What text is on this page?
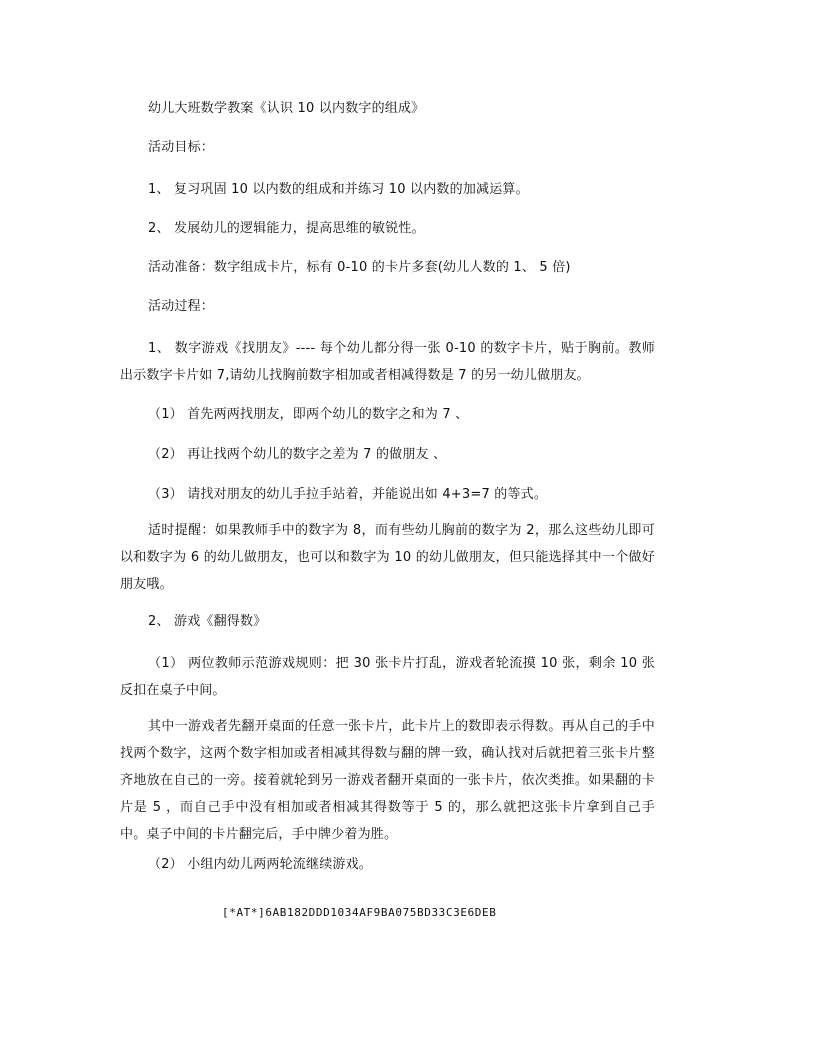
幼儿大班数学教案《认识 10 以内数字的组成》

活动目标：

1、 复习巩固 10 以内数的组成和并练习 10 以内数的加减运算。

2、 发展幼儿的逻辑能力，提高思维的敏锐性。

活动准备：数字组成卡片，标有 0-10 的卡片多套(幼儿人数的 1、 5 倍)

活动过程：

1、 数字游戏《找朋友》---- 每个幼儿都分得一张 0-10 的数字卡片，贴于胸前。教师出示数字卡片如 7,请幼儿找胸前数字相加或者相减得数是 7 的另一幼儿做朋友。

（1） 首先两两找朋友，即两个幼儿的数字之和为 7 、

（2） 再让找两个幼儿的数字之差为 7 的做朋友 、

（3） 请找对朋友的幼儿手拉手站着，并能说出如 4+3=7 的等式。

适时提醒：如果教师手中的数字为 8，而有些幼儿胸前的数字为 2，那么这些幼儿即可以和数字为 6 的幼儿做朋友，也可以和数字为 10 的幼儿做朋友，但只能选择其中一个做好朋友哦。

2、 游戏《翻得数》

（1） 两位教师示范游戏规则：把 30 张卡片打乱，游戏者轮流摸 10 张，剩余 10 张反扣在桌子中间。

其中一游戏者先翻开桌面的任意一张卡片，此卡片上的数即表示得数。再从自己的手中找两个数字，这两个数字相加或者相减其得数与翻的牌一致，确认找对后就把着三张卡片整齐地放在自己的一旁。接着就轮到另一游戏者翻开桌面的一张卡片，依次类推。如果翻的卡片是 5 ，而自己手中没有相加或者相减其得数等于 5 的，那么就把这张卡片拿到自己手中。桌子中间的卡片翻完后，手中牌少着为胜。

（2） 小组内幼儿两两轮流继续游戏。

[*AT*]6AB182DDD1034AF9BA075BD33C3E6DEB
